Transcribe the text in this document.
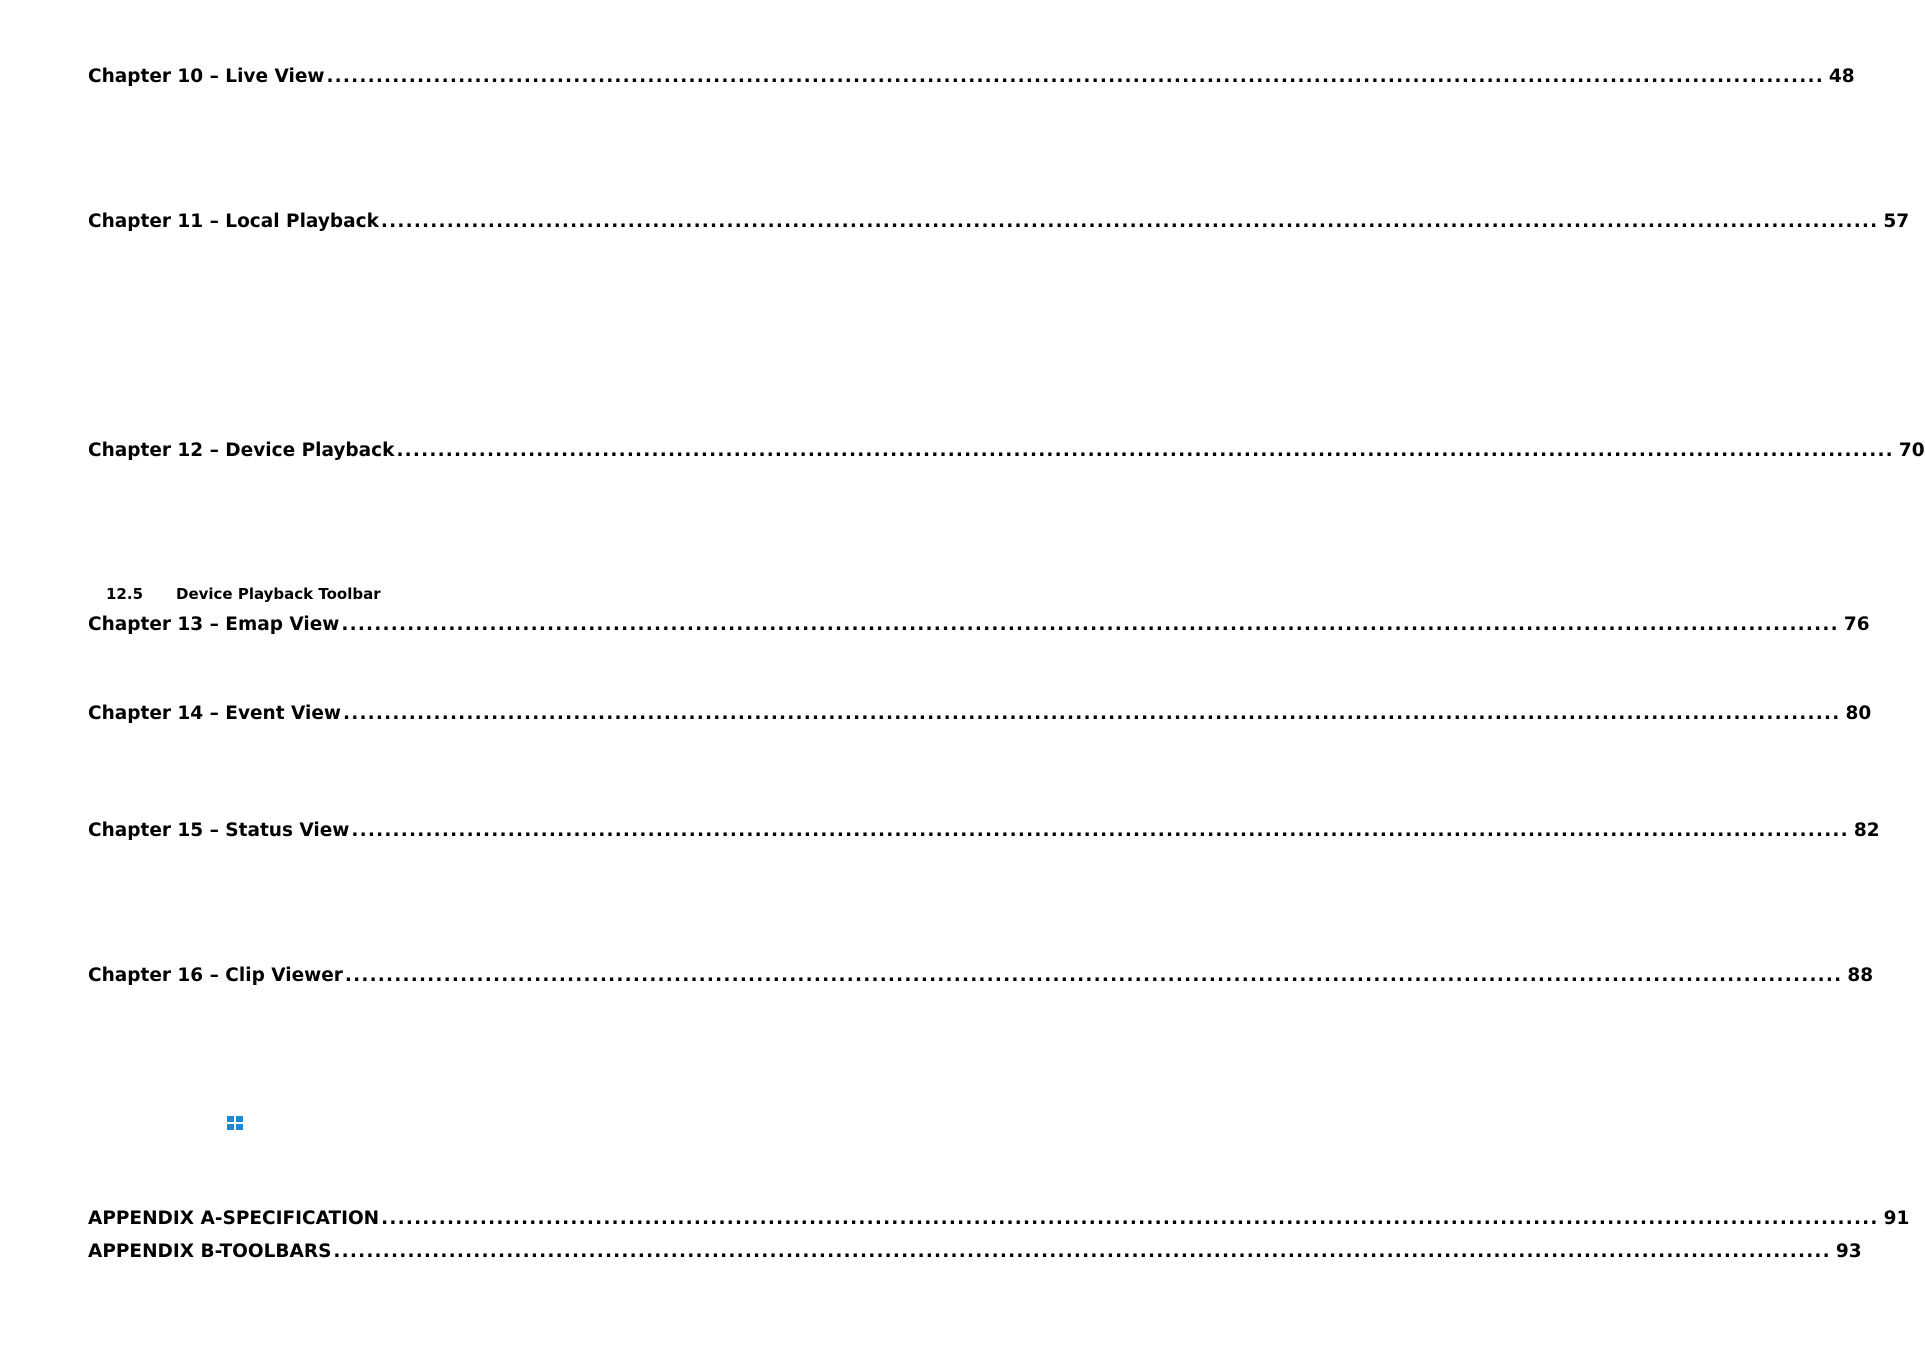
Chapter 10 – Live View ...................................................................................................................................................................................... 48
Chapter 11 – Local Playback ...................................................................................................................................................................................... 57
Chapter 12 – Device Playback ...................................................................................................................................................................................... 70
12.5	Device Playback Toolbar
Chapter 13 – Emap View ...................................................................................................................................................................................... 76
Chapter 14 – Event View ...................................................................................................................................................................................... 80
Chapter 15 – Status View ...................................................................................................................................................................................... 82
Chapter 16 – Clip Viewer ...................................................................................................................................................................................... 88
APPENDIX A-SPECIFICATION ...................................................................................................................................................................................... 91
APPENDIX B-TOOLBARS ...................................................................................................................................................................................... 93
